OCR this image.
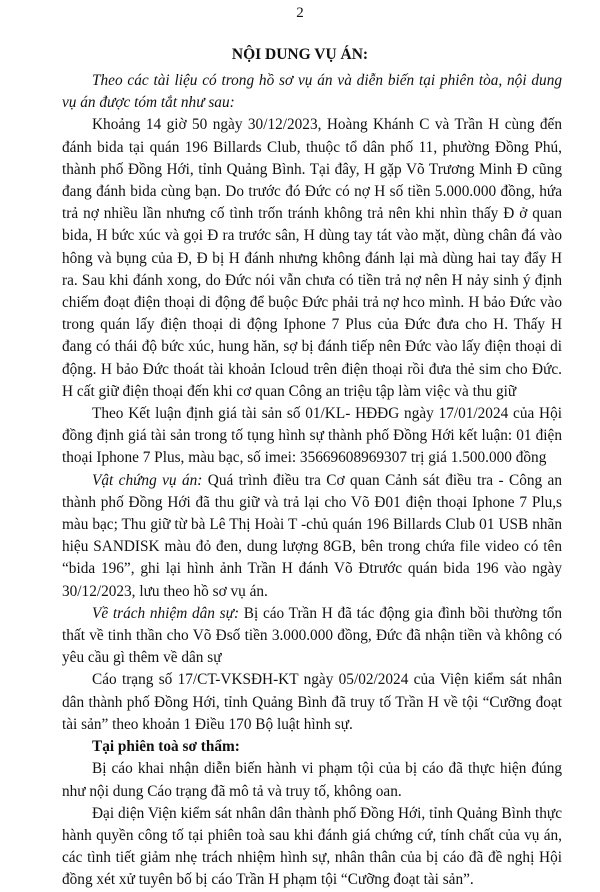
2
NỘI DUNG VỤ ÁN:

Theo các tài liệu có trong hồ sơ vụ án và diễn biến tại phiên tòa, nội dung vụ án được tóm tắt như sau:

Khoảng 14 giờ 50 ngày 30/12/2023, Hoàng Khánh C và Trần H cùng đến đánh bida tại quán 196 Billards Club, thuộc tổ dân phố 11, phường Đồng Phú, thành phố Đồng Hới, tỉnh Quảng Bình. Tại đây, H gặp Võ Trương Minh Đ cũng đang đánh bida cùng bạn. Do trước đó Đức có nợ H số tiền 5.000.000 đồng, hứa trả nợ nhiều lần nhưng cố tình trốn tránh không trả nên khi nhìn thấy Đ ở quan bida, H bức xúc và gọi Đ ra trước sân, H dùng tay tát vào mặt, dùng chân đá vào hông và bụng của Đ, Đ bị H đánh nhưng không đánh lại mà dùng hai tay đẩy H ra. Sau khi đánh xong, do Đức nói vẫn chưa có tiền trả nợ nên H nảy sinh ý định chiếm đoạt điện thoại di động để buộc Đức phải trả nợ hco mình. H bảo Đức vào trong quán lấy điện thoại di động Iphone 7 Plus của Đức đưa cho H. Thấy H đang có thái độ bức xúc, hung hăn, sợ bị đánh tiếp nên Đức vào lấy điện thoại di động. H bảo Đức thoát tài khoản Icloud trên điện thoại rồi đưa thẻ sim cho Đức. H cất giữ điện thoại đến khi cơ quan Công an triệu tập làm việc và thu giữ

Theo Kết luận định giá tài sản số 01/KL- HĐĐG ngày 17/01/2024 của Hội đồng định giá tài sản trong tố tụng hình sự thành phố Đồng Hới kết luận: 01 điện thoại Iphone 7 Plus, màu bạc, số imei: 35669608969307 trị giá 1.500.000 đồng

Vật chứng vụ án: Quá trình điều tra Cơ quan Cảnh sát điều tra - Công an thành phố Đồng Hới đã thu giữ và trả lại cho Võ Đ01 điện thoại Iphone 7 Plu,s màu bạc; Thu giữ từ bà Lê Thị Hoài T -chủ quán 196 Billards Club 01 USB nhãn hiệu SANDISK màu đỏ đen, dung lượng 8GB, bên trong chứa file video có tên “bida 196”, ghi lại hình ảnh Trần H đánh Võ Đtrước quán bida 196 vào ngày 30/12/2023, lưu theo hồ sơ vụ án.

Về trách nhiệm dân sự: Bị cáo Trần H đã tác động gia đình bồi thường tổn thất về tinh thần cho Võ Đsố tiền 3.000.000 đồng, Đức đã nhận tiền và không có yêu cầu gì thêm về dân sự

Cáo trạng số 17/CT-VKSĐH-KT ngày 05/02/2024 của Viện kiểm sát nhân dân thành phố Đồng Hới, tỉnh Quảng Bình đã truy tố Trần H về tội “Cưỡng đoạt tài sản” theo khoản 1 Điều 170 Bộ luật hình sự.

Tại phiên toà sơ thẩm:

Bị cáo khai nhận diễn biến hành vi phạm tội của bị cáo đã thực hiện đúng như nội dung Cáo trạng đã mô tả và truy tố, không oan.

Đại diện Viện kiểm sát nhân dân thành phố Đồng Hới, tỉnh Quảng Bình thực hành quyền công tố tại phiên toà sau khi đánh giá chứng cứ, tính chất của vụ án, các tình tiết giảm nhẹ trách nhiệm hình sự, nhân thân của bị cáo đã đề nghị Hội đồng xét xử tuyên bố bị cáo Trần H phạm tội “Cưỡng đoạt tài sản”.
